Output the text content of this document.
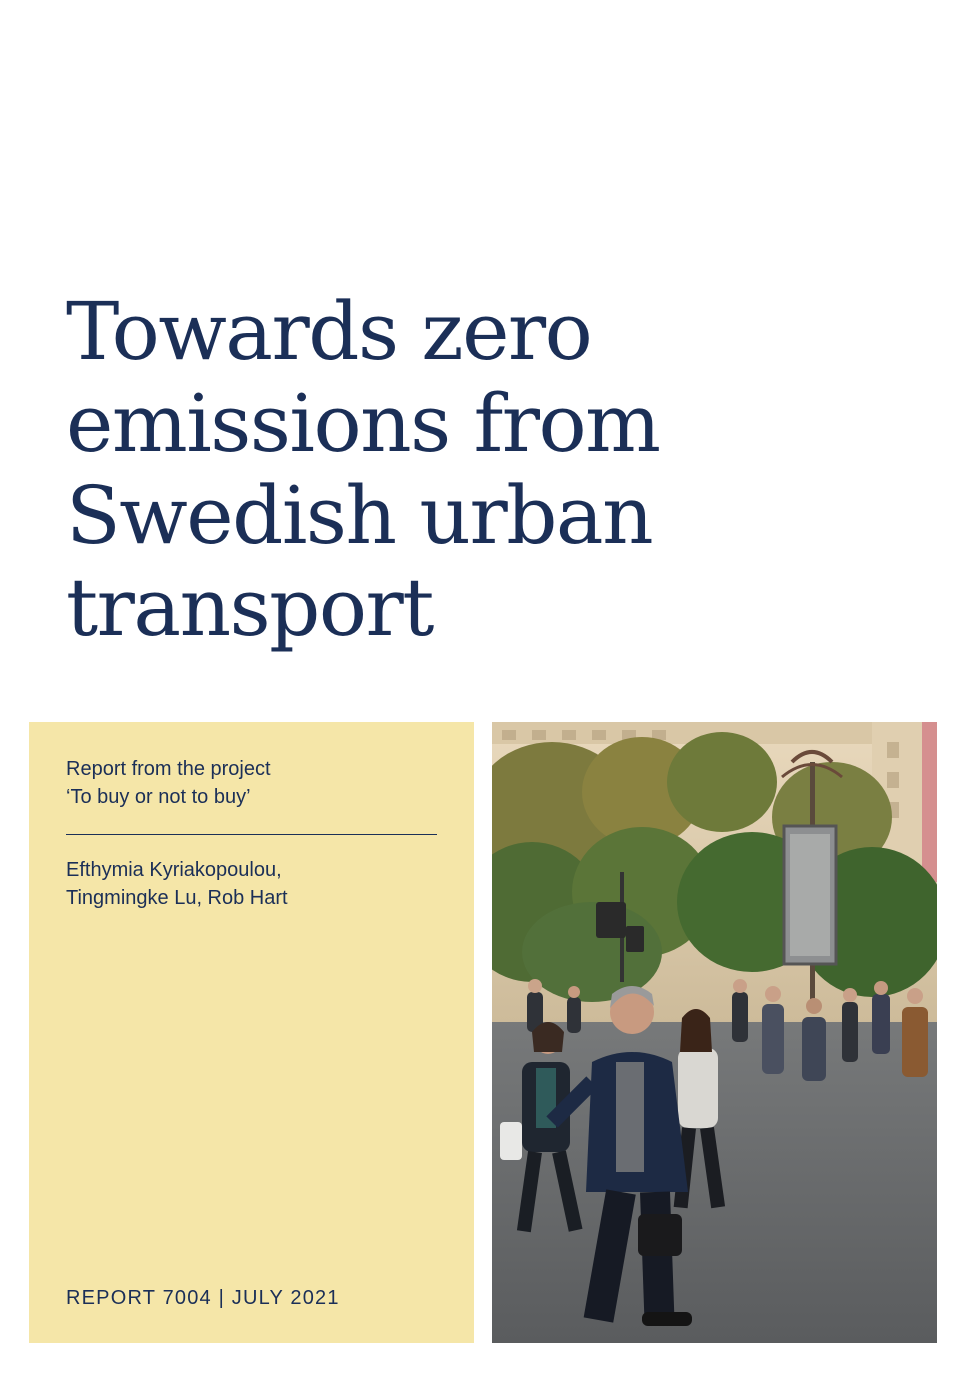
Towards zero emissions from Swedish urban transport
Report from the project
‘To buy or not to buy’
Efthymia Kyriakopoulou,
Tingmingke Lu, Rob Hart
REPORT 7004 | JULY 2021
